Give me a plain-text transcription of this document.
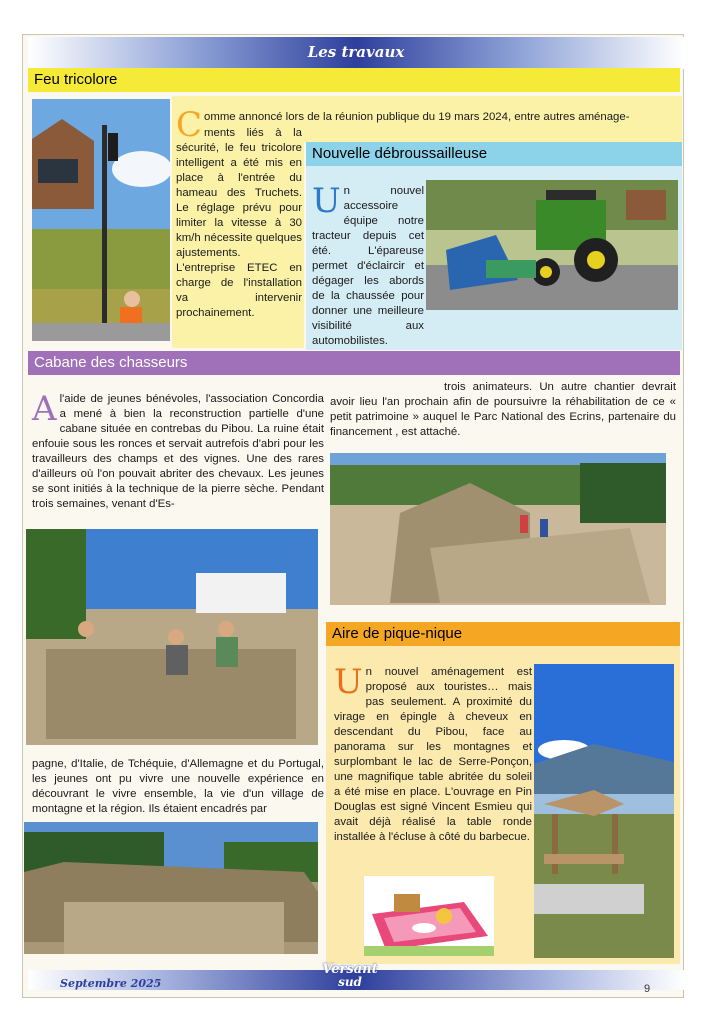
Les travaux
Feu tricolore

C omme annoncé lors de la réunion publique du 19 mars 2024, entre autres aménage-

ments liés à la sécurité, le feu tricolore intelligent a été mis en place à l'entrée du hameau des Truchets. Le réglage prévu pour limiter la vitesse à 30 km/h nécessite quelques ajustements. L'entreprise ETEC en charge de l'installation va intervenir prochainement.

Nouvelle débroussailleuse

Un nouvel accessoire équipe notre tracteur depuis cet été. L'épareuse permet d'éclaircir et dégager les abords de la chaussée pour donner une meilleure visibilité aux automobilistes.

Cabane des chasseurs

Al'aide de jeunes bénévoles, l'association Concordia a mené à bien la reconstruction partielle d'une cabane située en contrebas du Pibou. La ruine était enfouie sous les ronces et servait autrefois d'abri pour les travailleurs des champs et des vignes. Une des rares d'ailleurs où l'on pouvait abriter des chevaux. Les jeunes se sont initiés à la technique de la pierre sèche. Pendant trois semaines, venant d'Es-

trois animateurs. Un autre chantier devrait avoir lieu l'an prochain afin de poursuivre la réhabilitation de ce « petit patrimoine » auquel le Parc National des Ecrins, partenaire du financement , est attaché.

pagne, d'Italie, de Tchéquie, d'Allemagne et du Portugal, les jeunes ont pu vivre une nouvelle expérience en découvrant le vivre ensemble, la vie d'un village de montagne et la région. Ils étaient encadrés par

Aire de pique-nique

Un nouvel aménagement est proposé aux touristes… mais pas seulement. A proximité du virage en épingle à cheveux en descendant du Pibou, face au panorama sur les montagnes et surplombant le lac de Serre-Ponçon, une magnifique table abritée du soleil a été mise en place. L'ouvrage en Pin Douglas est signé Vincent Esmieu qui avait déjà réalisé la table ronde installée à l'écluse à côté du barbecue.

Septembre 2025
Versant
sud	9
